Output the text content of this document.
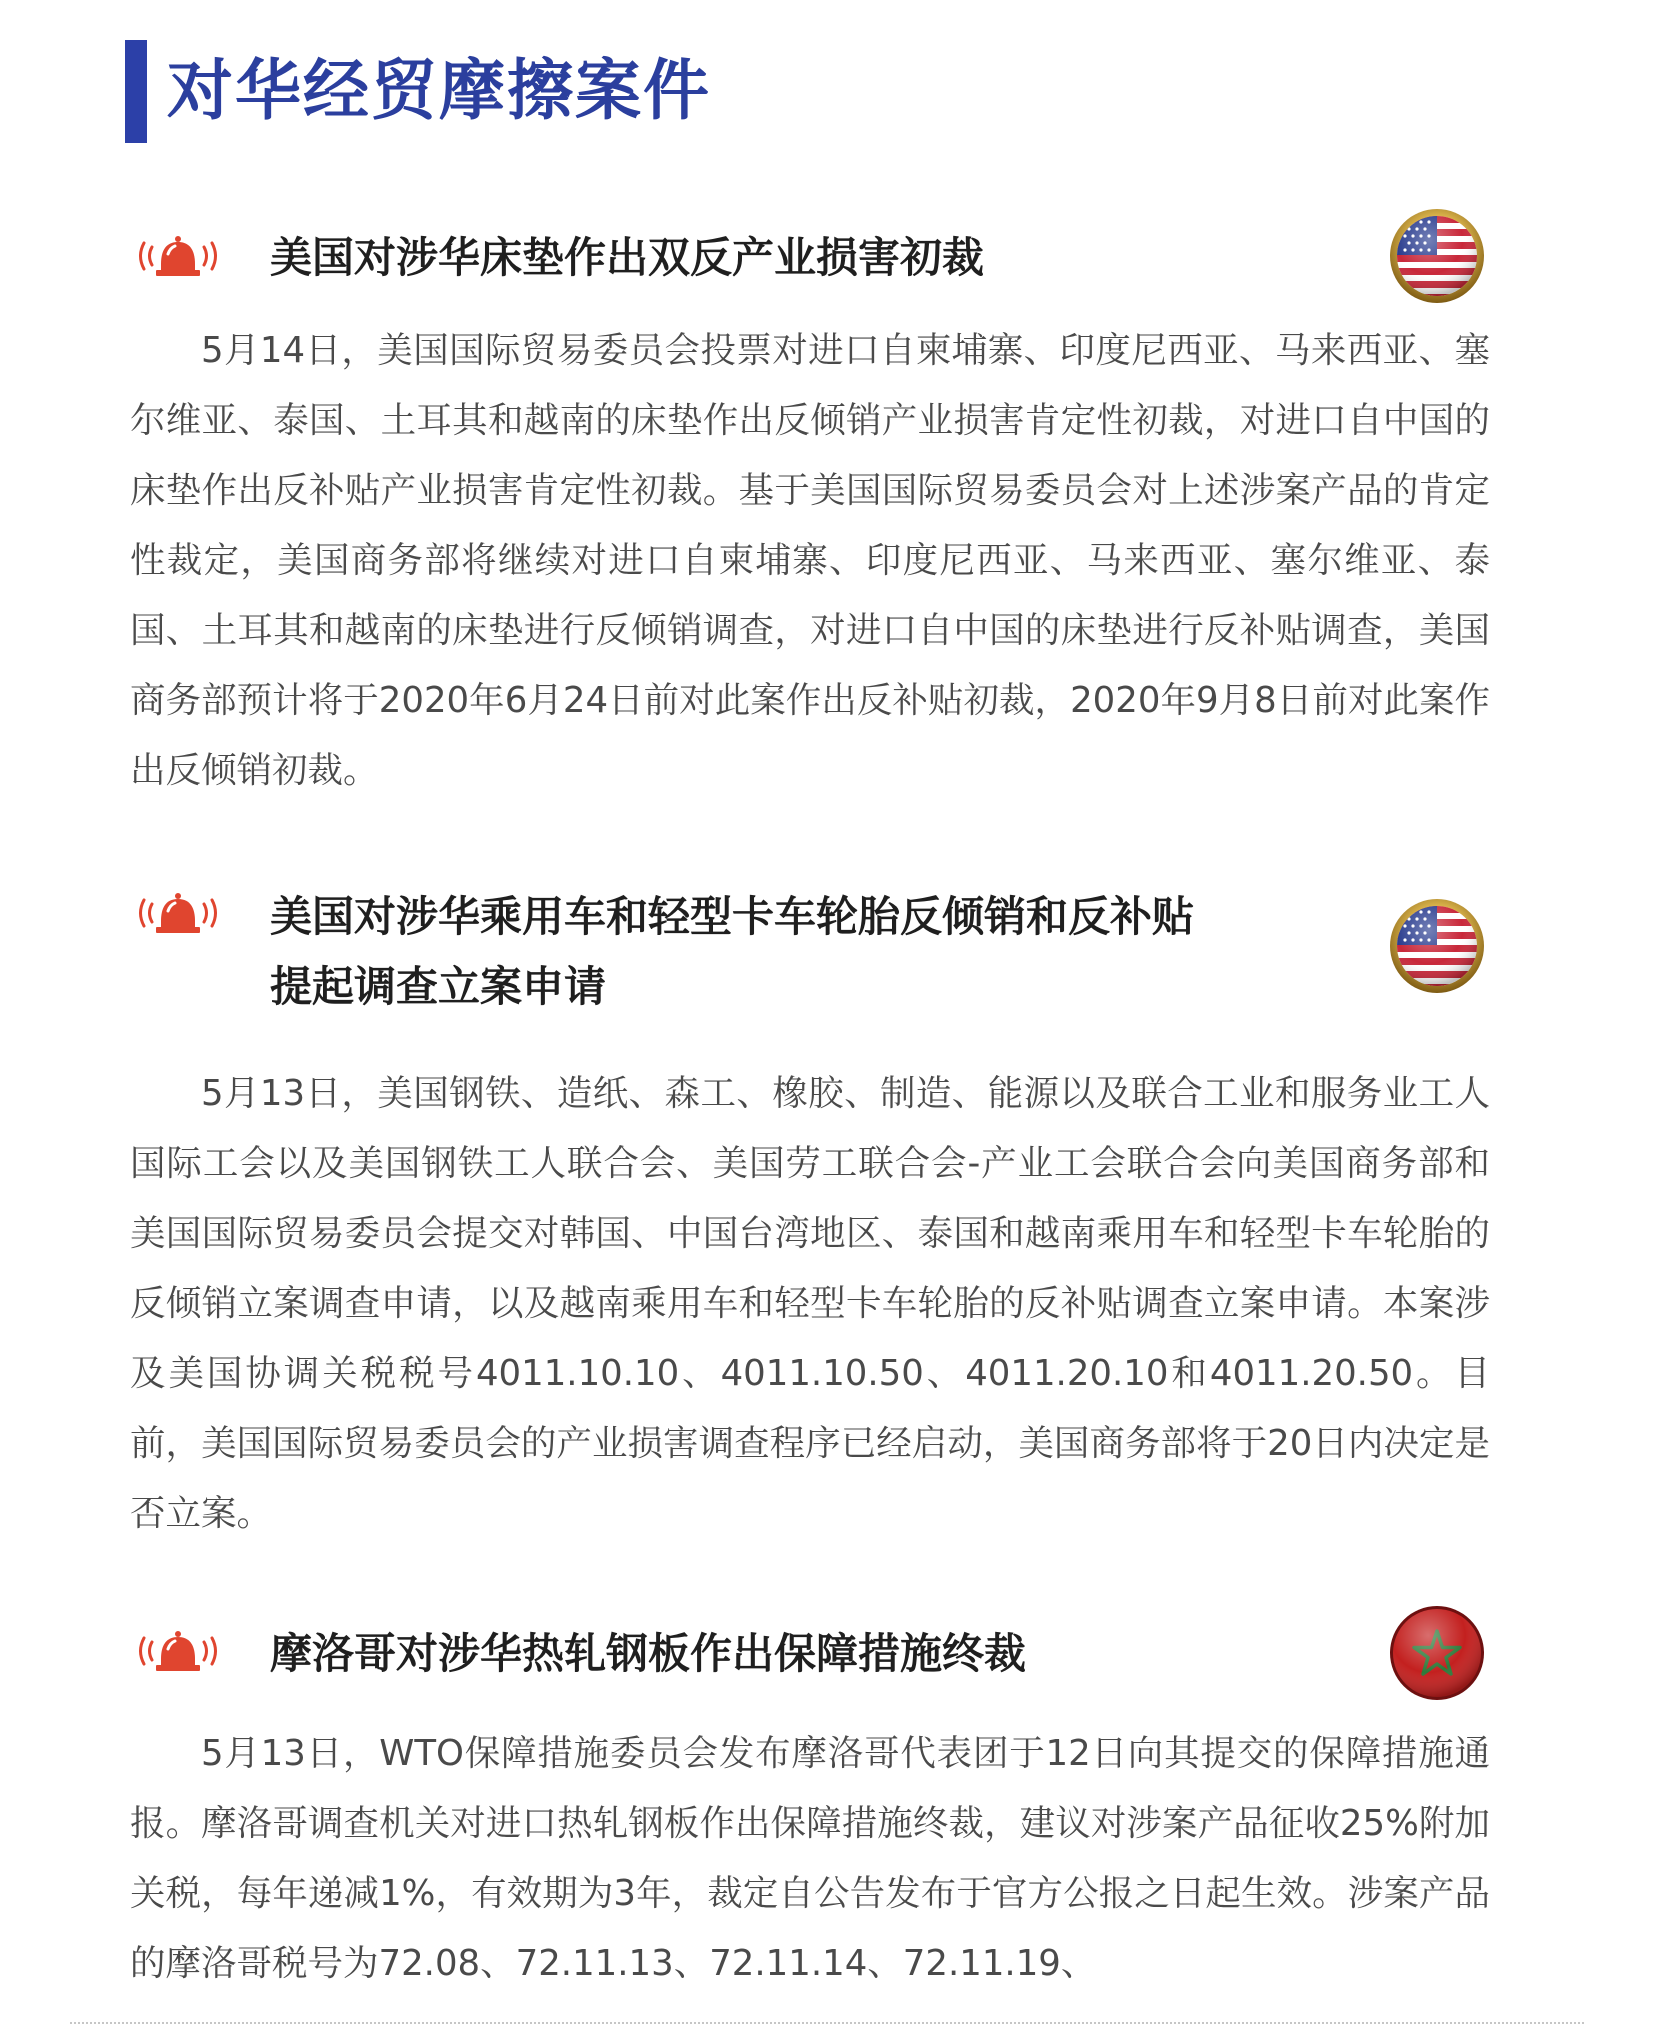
对华经贸摩擦案件
美国对涉华床垫作出双反产业损害初裁

5月14日，美国国际贸易委员会投票对进口自柬埔寨、印度尼西亚、马来西亚、塞尔维亚、泰国、土耳其和越南的床垫作出反倾销产业损害肯定性初裁，对进口自中国的床垫作出反补贴产业损害肯定性初裁。基于美国国际贸易委员会对上述涉案产品的肯定性裁定，美国商务部将继续对进口自柬埔寨、印度尼西亚、马来西亚、塞尔维亚、泰国、土耳其和越南的床垫进行反倾销调查，对进口自中国的床垫进行反补贴调查，美国商务部预计将于2020年6月24日前对此案作出反补贴初裁，2020年9月8日前对此案作出反倾销初裁。

美国对涉华乘用车和轻型卡车轮胎反倾销和反补贴
提起调查立案申请

5月13日，美国钢铁、造纸、森工、橡胶、制造、能源以及联合工业和服务业工人国际工会以及美国钢铁工人联合会、美国劳工联合会-产业工会联合会向美国商务部和美国国际贸易委员会提交对韩国、中国台湾地区、泰国和越南乘用车和轻型卡车轮胎的反倾销立案调查申请，以及越南乘用车和轻型卡车轮胎的反补贴调查立案申请。本案涉及美国协调关税税号4011.10.10、4011.10.50、4011.20.10和4011.20.50。目前，美国国际贸易委员会的产业损害调查程序已经启动，美国商务部将于20日内决定是否立案。

摩洛哥对涉华热轧钢板作出保障措施终裁

5月13日，WTO保障措施委员会发布摩洛哥代表团于12日向其提交的保障措施通报。摩洛哥调查机关对进口热轧钢板作出保障措施终裁，建议对涉案产品征收25%附加关税，每年递减1%，有效期为3年，裁定自公告发布于官方公报之日起生效。涉案产品的摩洛哥税号为72.08、72.11.13、72.11.14、72.11.19、
